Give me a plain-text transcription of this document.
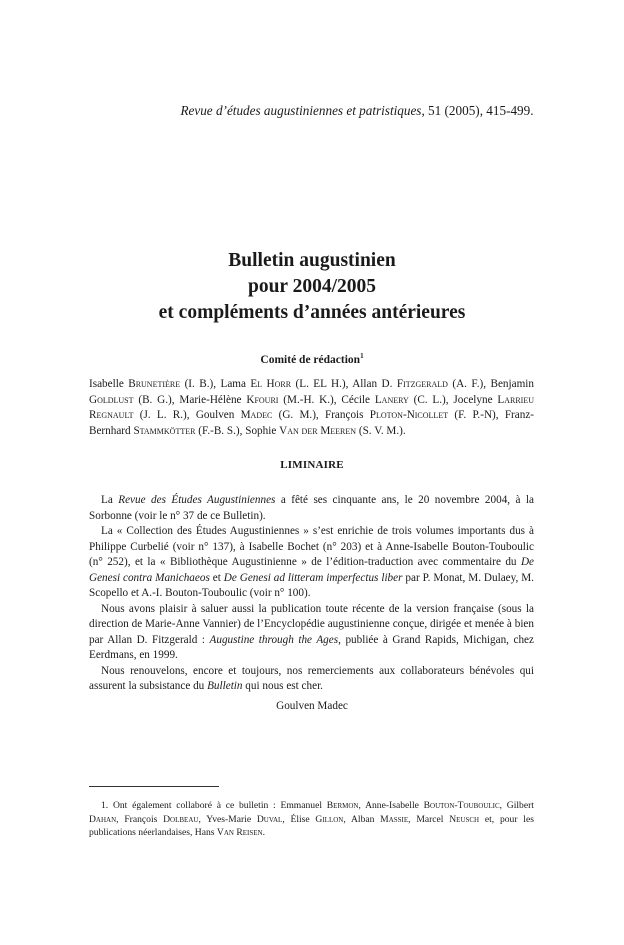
Revue d’études augustiniennes et patristiques, 51 (2005), 415-499.
Bulletin augustinien
pour 2004/2005
et compléments d’années antérieures
Comité de rédaction$^1$

Isabelle Brunetière (I. B.), Lama El Horr (L. EL H.), Allan D. Fitzgerald (A. F.), Benjamin Goldlust (B. G.), Marie-Hélène Kfouri (M.-H. K.), Cécile Lanery (C. L.), Jocelyne Larrieu Regnault (J. L. R.), Goulven Madec (G. M.), François Ploton-Nicollet (F. P.-N), Franz-Bernhard Stammkötter (F.-B. S.), Sophie Van der Meeren (S. V. M.).

LIMINAIRE

La Revue des Études Augustiniennes a fêté ses cinquante ans, le 20 novembre 2004, à la Sorbonne (voir le n° 37 de ce Bulletin).

La « Collection des Études Augustiniennes » s’est enrichie de trois volumes importants dus à Philippe Curbelié (voir n° 137), à Isabelle Bochet (n° 203) et à Anne-Isabelle Bouton-Touboulic (n° 252), et la « Bibliothèque Augustinienne » de l’édition-traduction avec commentaire du De Genesi contra Manichaeos et De Genesi ad litteram imperfectus liber par P. Monat, M. Dulaey, M. Scopello et A.-I. Bouton-Touboulic (voir n° 100).

Nous avons plaisir à saluer aussi la publication toute récente de la version française (sous la direction de Marie-Anne Vannier) de l’Encyclopédie augustinienne conçue, dirigée et menée à bien par Allan D. Fitzgerald : Augustine through the Ages, publiée à Grand Rapids, Michigan, chez Eerdmans, en 1999.

Nous renouvelons, encore et toujours, nos remerciements aux collaborateurs bénévoles qui assurent la subsistance du Bulletin qui nous est cher.

Goulven Madec

1. Ont également collaboré à ce bulletin : Emmanuel Bermon, Anne-Isabelle Bouton-Touboulic, Gilbert Dahan, François Dolbeau, Yves-Marie Duval, Élise Gillon, Alban Massie, Marcel Neusch et, pour les publications néerlandaises, Hans Van Reisen.
